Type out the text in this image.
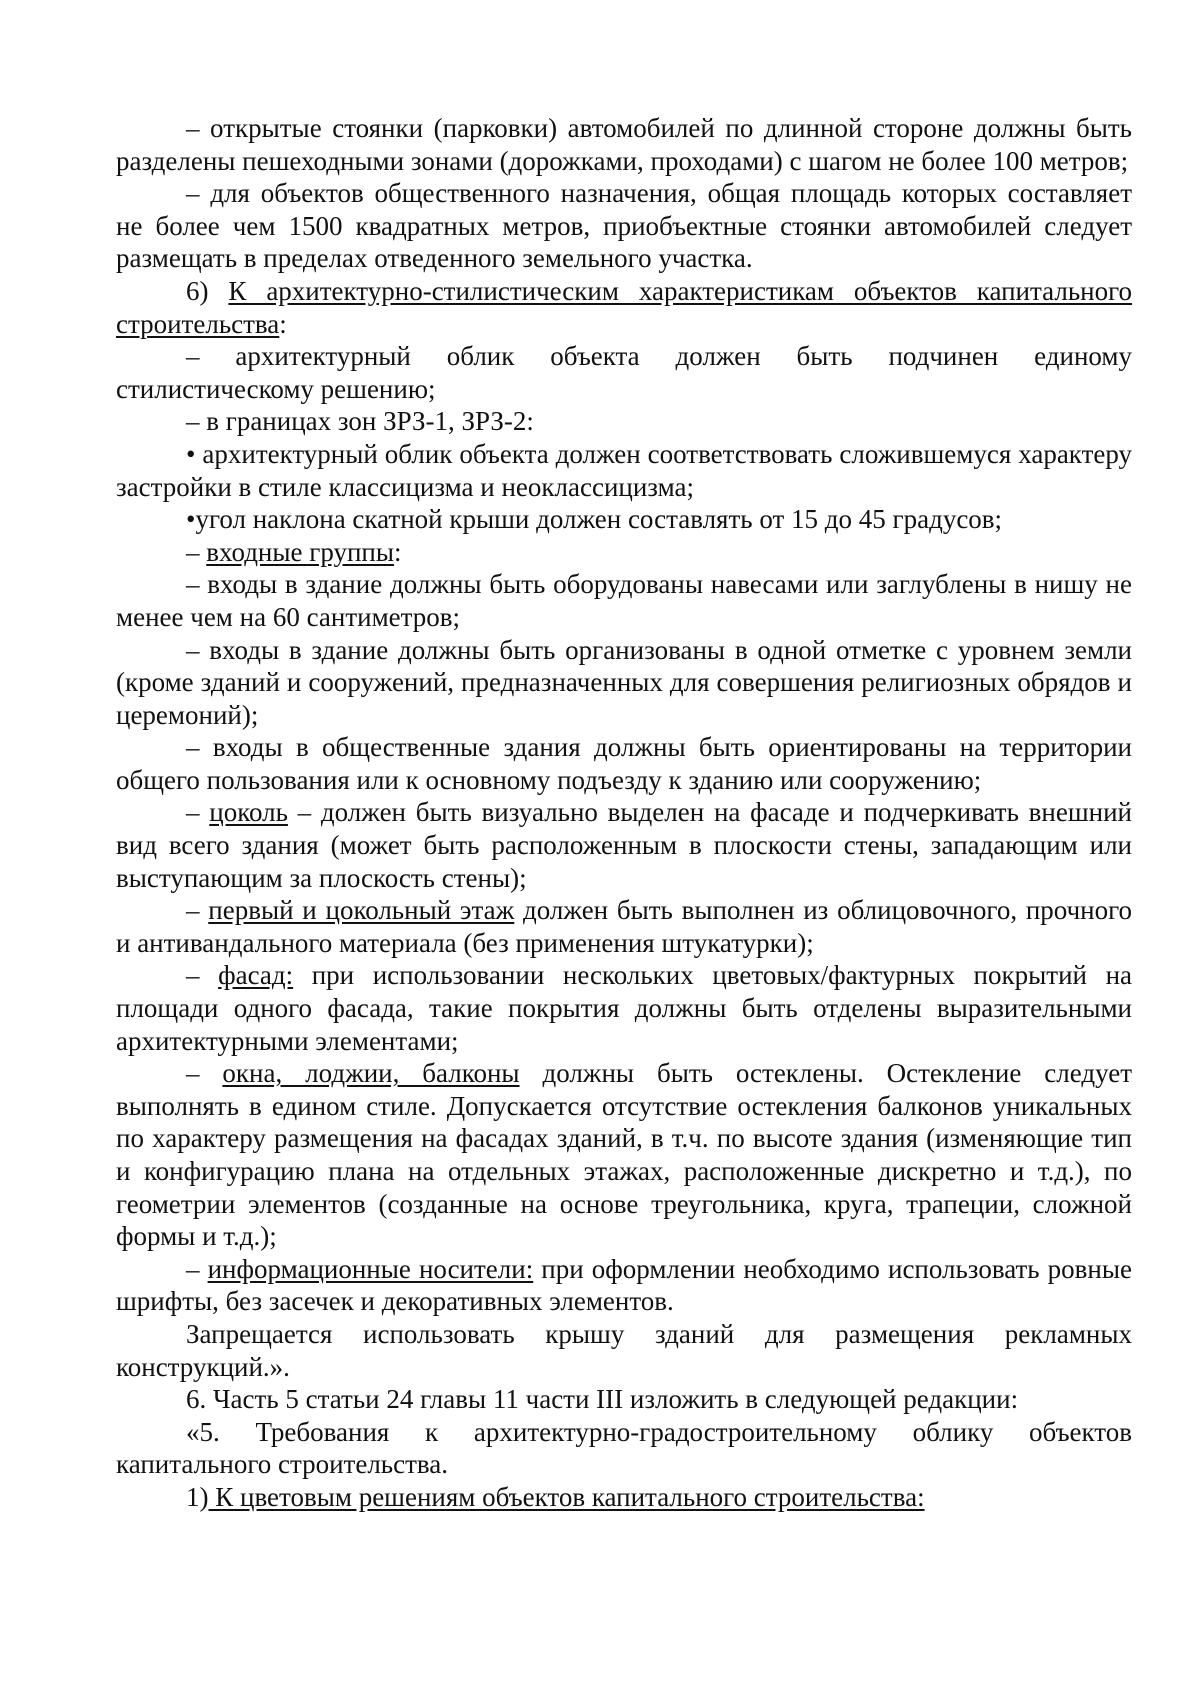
– открытые стоянки (парковки) автомобилей по длинной стороне должны быть разделены пешеходными зонами (дорожками, проходами) с шагом не более 100 метров;

– для объектов общественного назначения, общая площадь которых составляет не более чем 1500 квадратных метров, приобъектные стоянки автомобилей следует размещать в пределах отведенного земельного участка.

6) К архитектурно-стилистическим характеристикам объектов капитального строительства:

– архитектурный облик объекта должен быть подчинен единому стилистическому решению;

– в границах зон ЗРЗ-1, ЗРЗ-2:

• архитектурный облик объекта должен соответствовать сложившемуся характеру застройки в стиле классицизма и неоклассицизма;

•угол наклона скатной крыши должен составлять от 15 до 45 градусов;

– входные группы:

– входы в здание должны быть оборудованы навесами или заглублены в нишу не менее чем на 60 сантиметров;

– входы в здание должны быть организованы в одной отметке с уровнем земли (кроме зданий и сооружений, предназначенных для совершения религиозных обрядов и церемоний);

– входы в общественные здания должны быть ориентированы на территории общего пользования или к основному подъезду к зданию или сооружению;

– цоколь – должен быть визуально выделен на фасаде и подчеркивать внешний вид всего здания (может быть расположенным в плоскости стены, западающим или выступающим за плоскость стены);

– первый и цокольный этаж должен быть выполнен из облицовочного, прочного и антивандального материала (без применения штукатурки);

– фасад: при использовании нескольких цветовых/фактурных покрытий на площади одного фасада, такие покрытия должны быть отделены выразительными архитектурными элементами;

– окна, лоджии, балконы должны быть остеклены. Остекление следует выполнять в едином стиле. Допускается отсутствие остекления балконов уникальных по характеру размещения на фасадах зданий, в т.ч. по высоте здания (изменяющие тип и конфигурацию плана на отдельных этажах, расположенные дискретно и т.д.), по геометрии элементов (созданные на основе треугольника, круга, трапеции, сложной формы и т.д.);

– информационные носители: при оформлении необходимо использовать ровные шрифты, без засечек и декоративных элементов.

Запрещается использовать крышу зданий для размещения рекламных конструкций.».

6. Часть 5 статьи 24 главы 11 части III изложить в следующей редакции:

«5. Требования к архитектурно-градостроительному облику объектов капитального строительства.

1) К цветовым решениям объектов капитального строительства:
